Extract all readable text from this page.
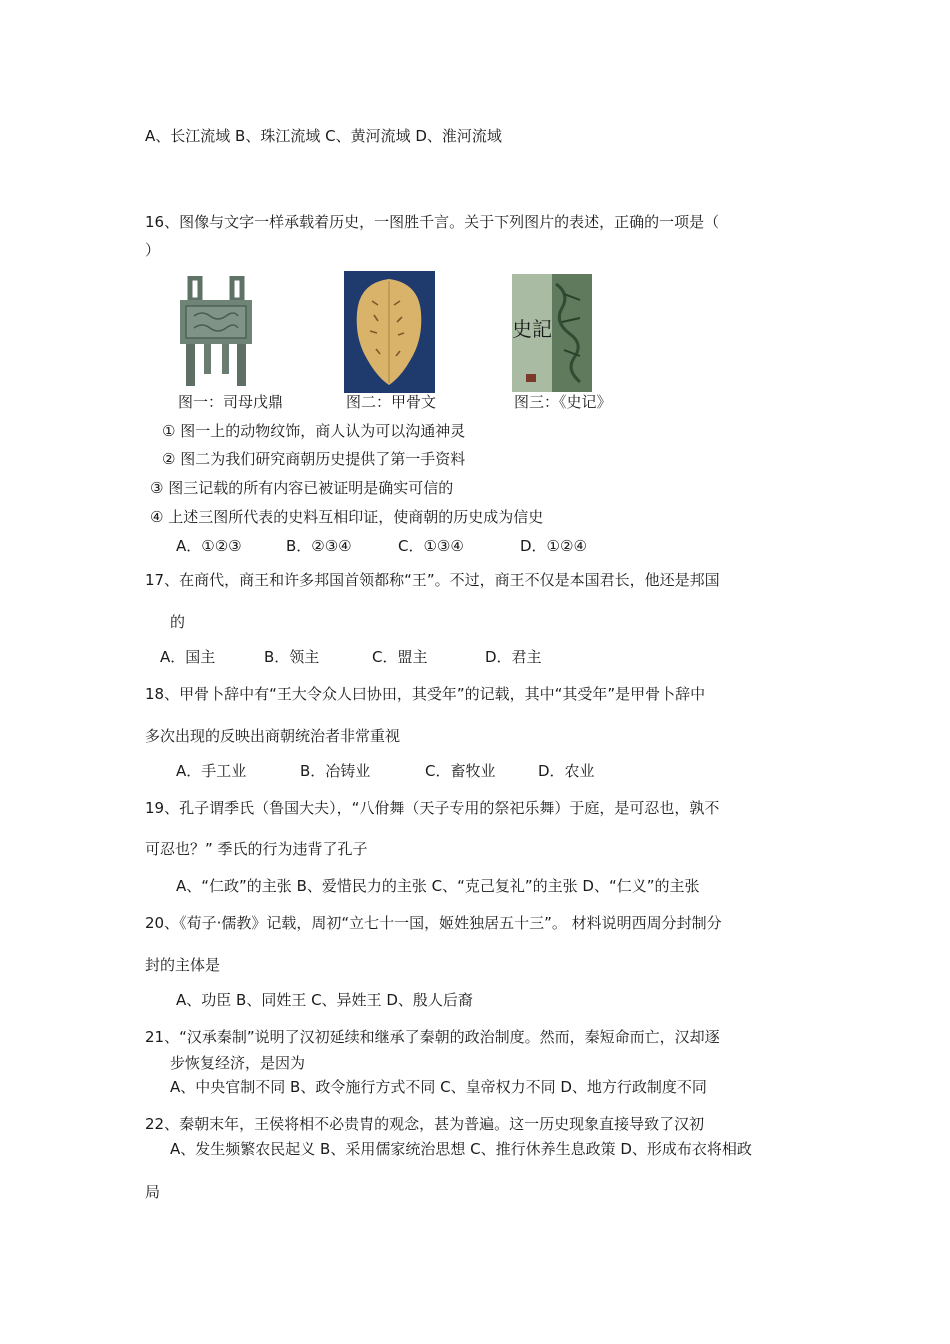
A、长江流域 B、珠江流域 C、黄河流域 D、淮河流域
16、图像与文字一样承载着历史，一图胜千言。关于下列图片的表述，正确的一项是（
）
史記
图一：司母戊鼎	图二：甲骨文	图三：《史记》
① 图一上的动物纹饰，商人认为可以沟通神灵
② 图二为我们研究商朝历史提供了第一手资料
③ 图三记载的所有内容已被证明是确实可信的
④ 上述三图所代表的史料互相印证，使商朝的历史成为信史
A．①②③	B．②③④	C．①③④	D．①②④
17、在商代，商王和许多邦国首领都称“王”。不过，商王不仅是本国君长，他还是邦国
的
A．国主	B．领主	C．盟主	D．君主
18、甲骨卜辞中有“王大令众人曰协田，其受年”的记载，其中“其受年”是甲骨卜辞中
多次出现的反映出商朝统治者非常重视
A．手工业	B．冶铸业	C．畜牧业	D．农业
19、孔子谓季氏（鲁国大夫），“八佾舞（天子专用的祭祀乐舞）于庭，是可忍也，孰不
可忍也？” 季氏的行为违背了孔子
A、“仁政”的主张 B、爱惜民力的主张 C、“克己复礼”的主张 D、“仁义”的主张
20、《荀子·儒教》记载，周初“立七十一国，姬姓独居五十三”。 材料说明西周分封制分
封的主体是
A、功臣 B、同姓王 C、异姓王 D、殷人后裔
21、“汉承秦制”说明了汉初延续和继承了秦朝的政治制度。然而，秦短命而亡，汉却逐
步恢复经济，是因为
A、中央官制不同 B、政令施行方式不同 C、皇帝权力不同 D、地方行政制度不同
22、秦朝末年，王侯将相不必贵胄的观念，甚为普遍。这一历史现象直接导致了汉初
A、发生频繁农民起义 B、采用儒家统治思想 C、推行休养生息政策 D、形成布衣将相政
局
